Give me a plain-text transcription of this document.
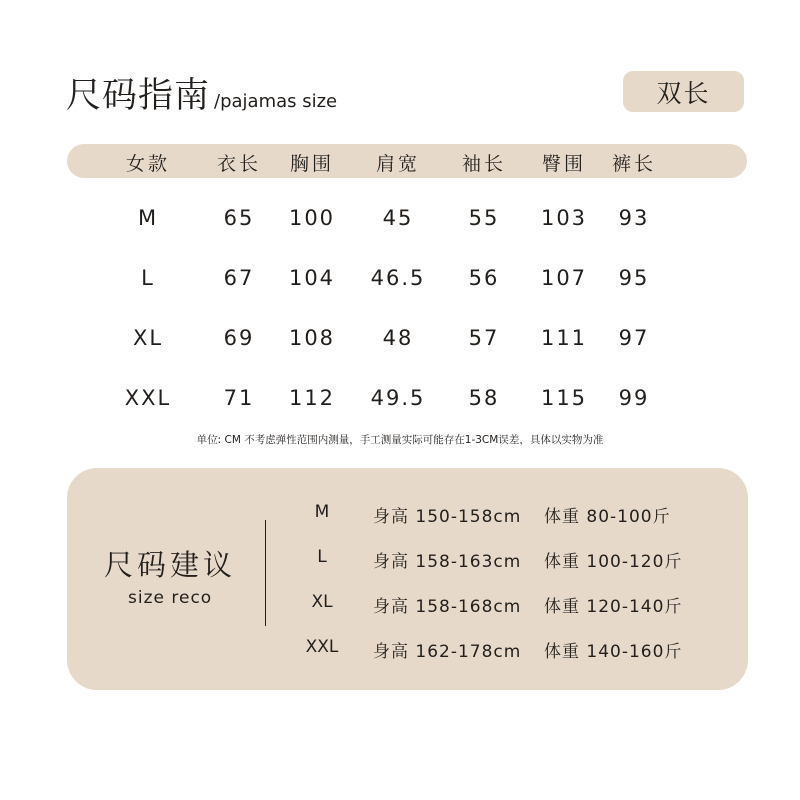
尺码指南 /pajamas size	双长
女款 衣长 胸围 肩宽 袖长 臀围 裤长
M	65 100 45	55 103 93
L	67 104 46.5 56 107 95
XL	69 108 48	57 111 97
XXL 71 112 49.5 58 115 99
单位: CM 不考虑弹性范围内测量，手工测量实际可能存在1-3CM误差，具体以实物为准
尺码建议
size reco
M	身高 150-158cm 体重 80-100斤
L	身高 158-163cm 体重 100-120斤
XL 身高 158-168cm 体重 120-140斤
XXL 身高 162-178cm 体重 140-160斤
